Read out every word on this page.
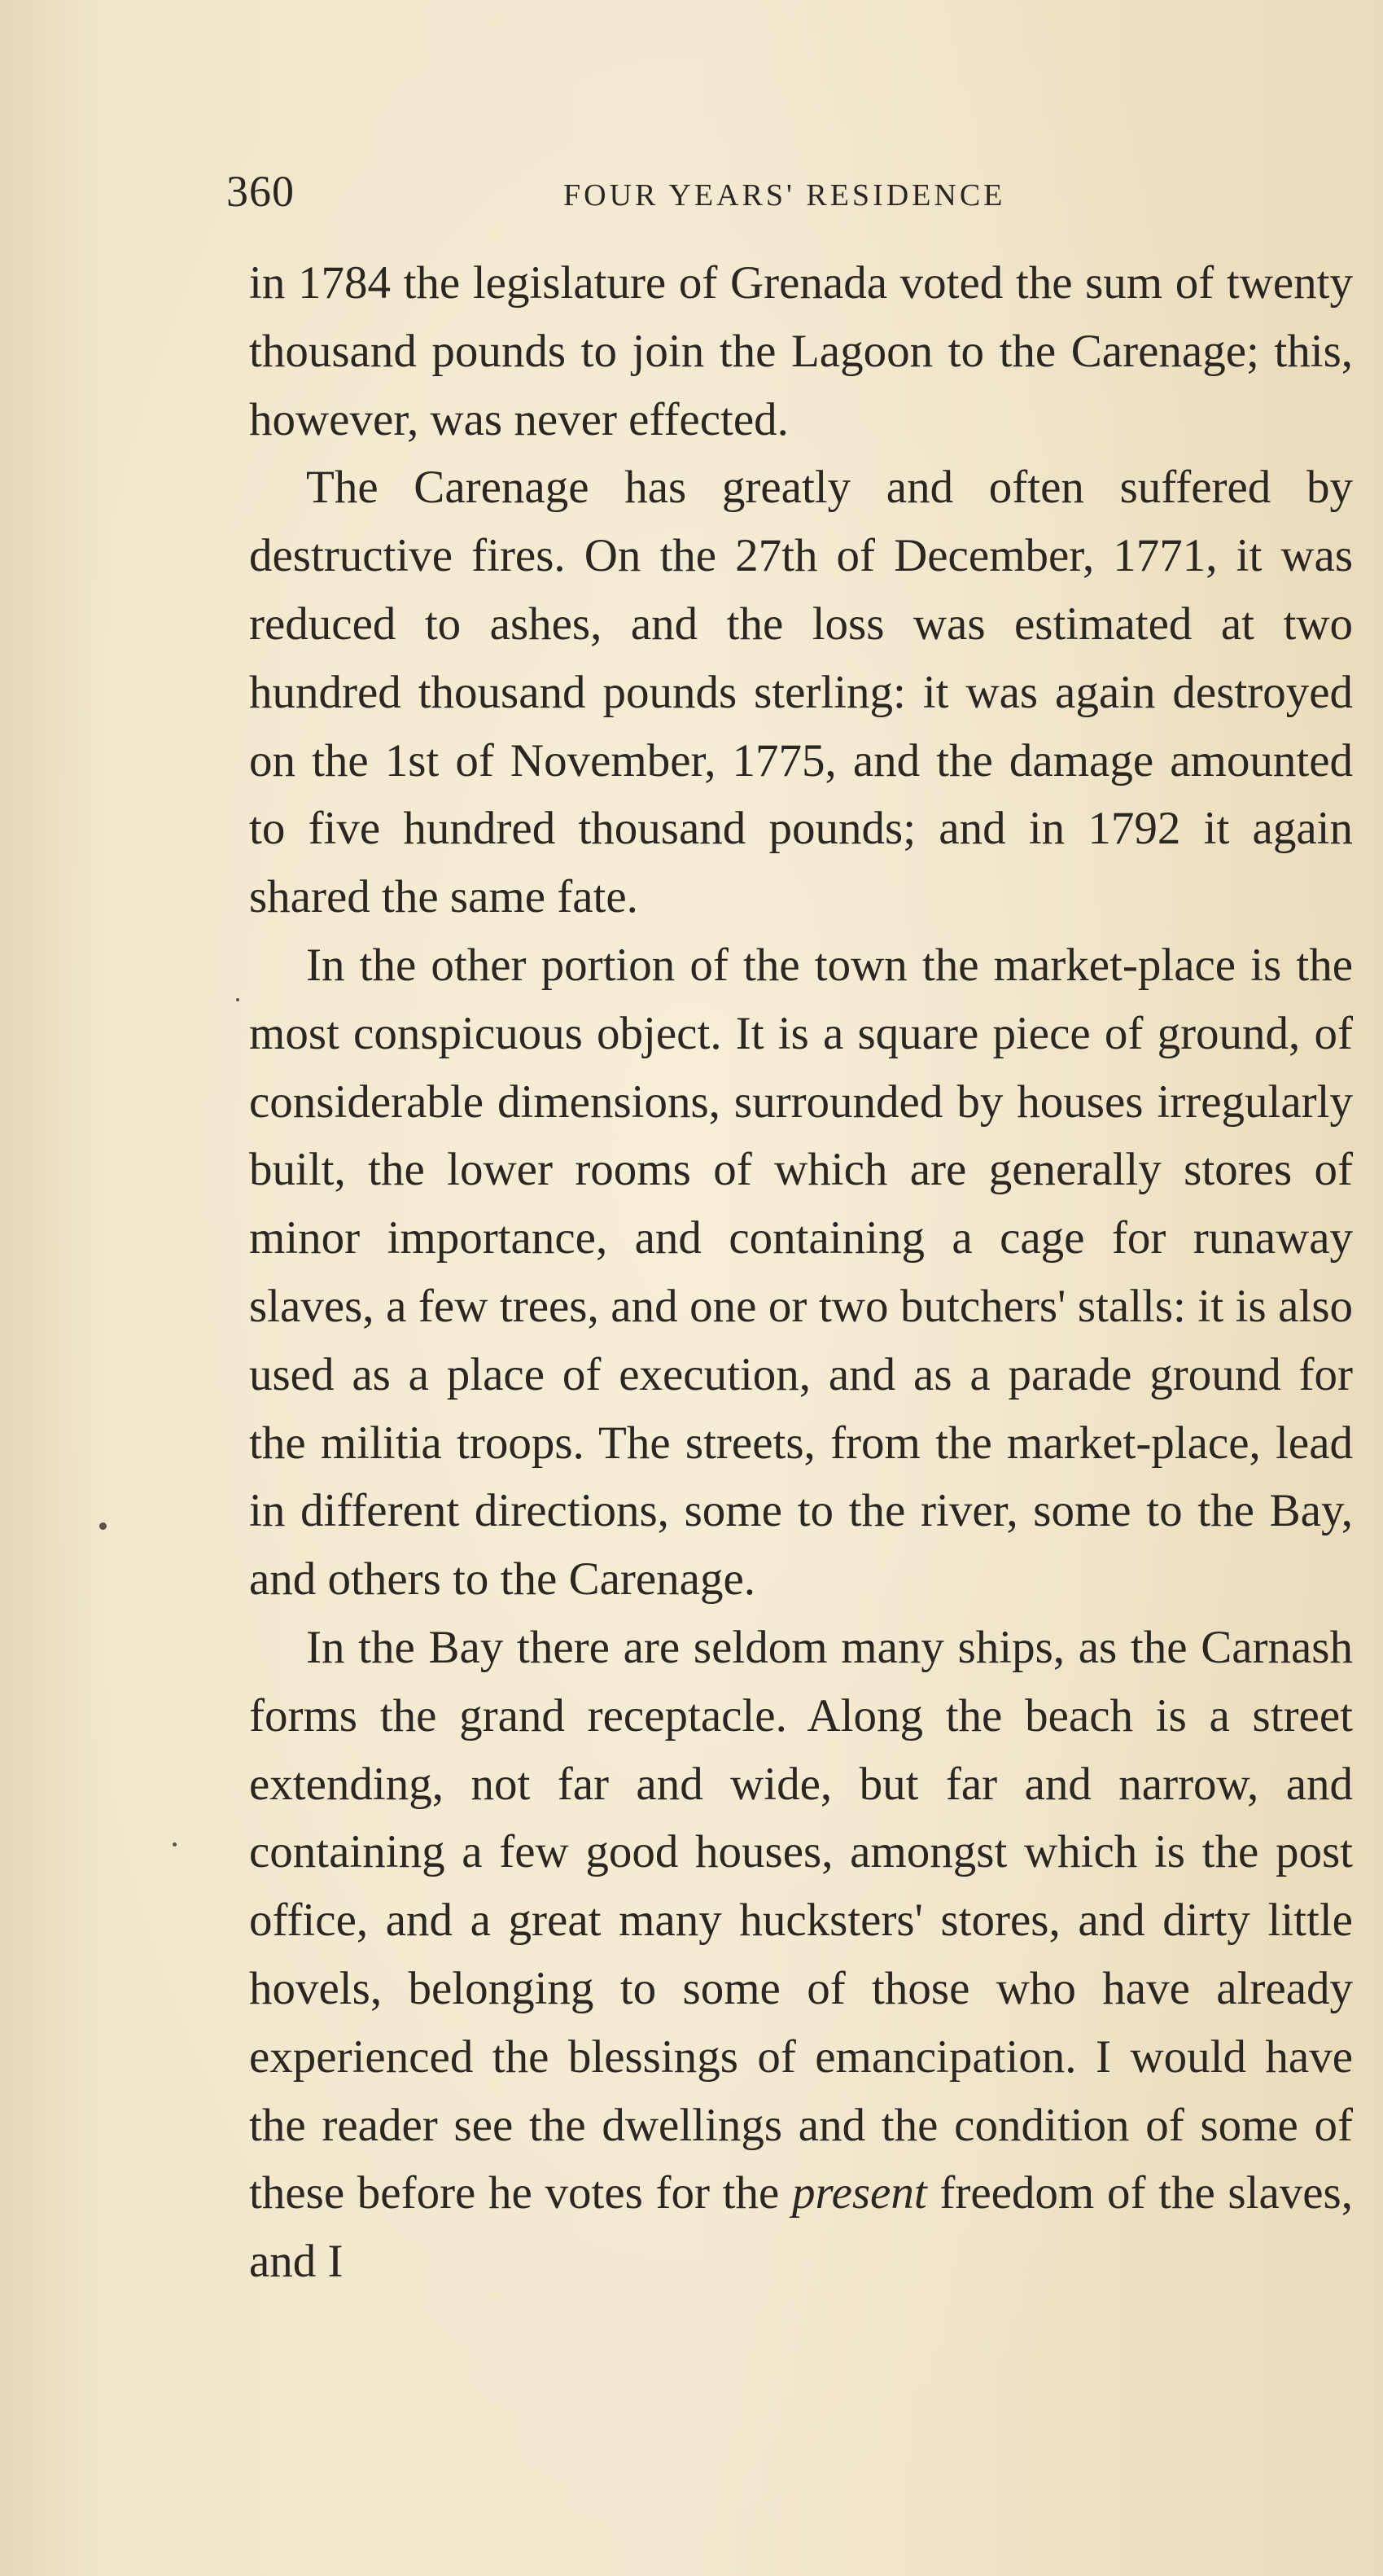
360	FOUR YEARS' RESIDENCE

in 1784 the legislature of Grenada voted the sum of twenty thousand pounds to join the Lagoon to the Carenage; this, however, was never effected.

The Carenage has greatly and often suffered by destructive fires. On the 27th of December, 1771, it was reduced to ashes, and the loss was estimated at two hundred thousand pounds sterling: it was again destroyed on the 1st of November, 1775, and the damage amounted to five hundred thousand pounds; and in 1792 it again shared the same fate.

In the other portion of the town the market-place is the most conspicuous object. It is a square piece of ground, of considerable dimensions, surrounded by houses irregularly built, the lower rooms of which are generally stores of minor importance, and containing a cage for runaway slaves, a few trees, and one or two butchers' stalls: it is also used as a place of execution, and as a parade ground for the militia troops. The streets, from the market-place, lead in different directions, some to the river, some to the Bay, and others to the Carenage.

In the Bay there are seldom many ships, as the Carnash forms the grand receptacle. Along the beach is a street extending, not far and wide, but far and narrow, and containing a few good houses, amongst which is the post office, and a great many hucksters' stores, and dirty little hovels, belonging to some of those who have already experienced the blessings of emancipation. I would have the reader see the dwellings and the condition of some of these before he votes for the present freedom of the slaves, and I
